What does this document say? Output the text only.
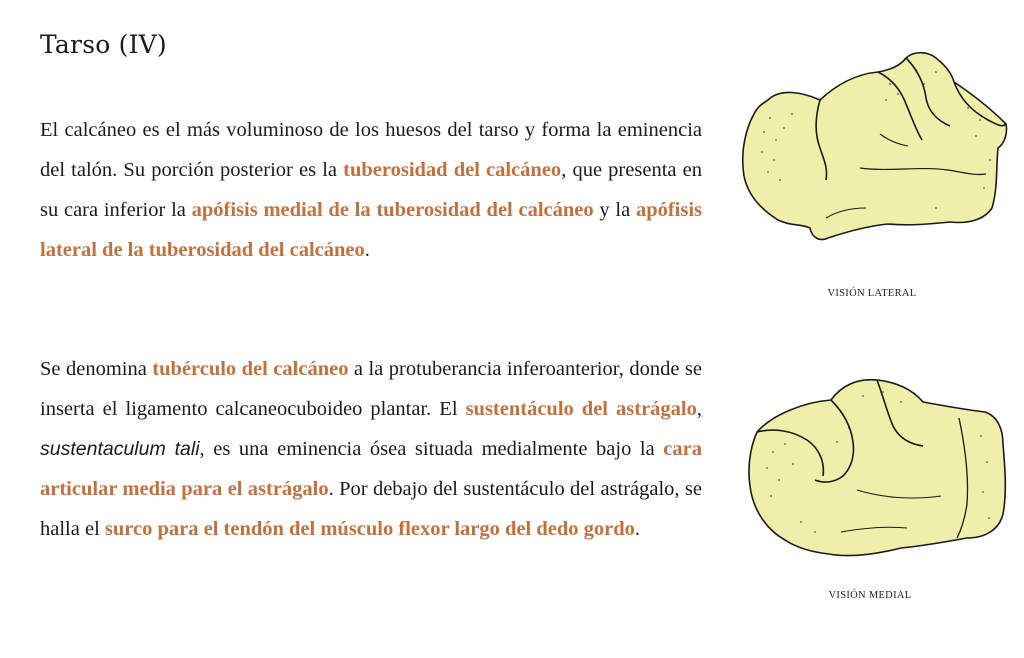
Tarso (IV)

El calcáneo es el más voluminoso de los huesos del tarso y forma la eminencia del talón. Su porción posterior es la tuberosidad del calcáneo, que presenta en su cara inferior la apófisis medial de la tuberosidad del calcáneo y la apófisis lateral de la tuberosidad del calcáneo.

Se denomina tubérculo del calcáneo a la protuberancia inferoanterior, donde se inserta el ligamento calcaneocuboideo plantar. El sustentáculo del astrágalo, sustentaculum tali, es una eminencia ósea situada medialmente bajo la cara articular media para el astrágalo. Por debajo del sustentáculo del astrágalo, se halla el surco para el tendón del músculo flexor largo del dedo gordo.

VISIÓN LATERAL
VISIÓN MEDIAL
